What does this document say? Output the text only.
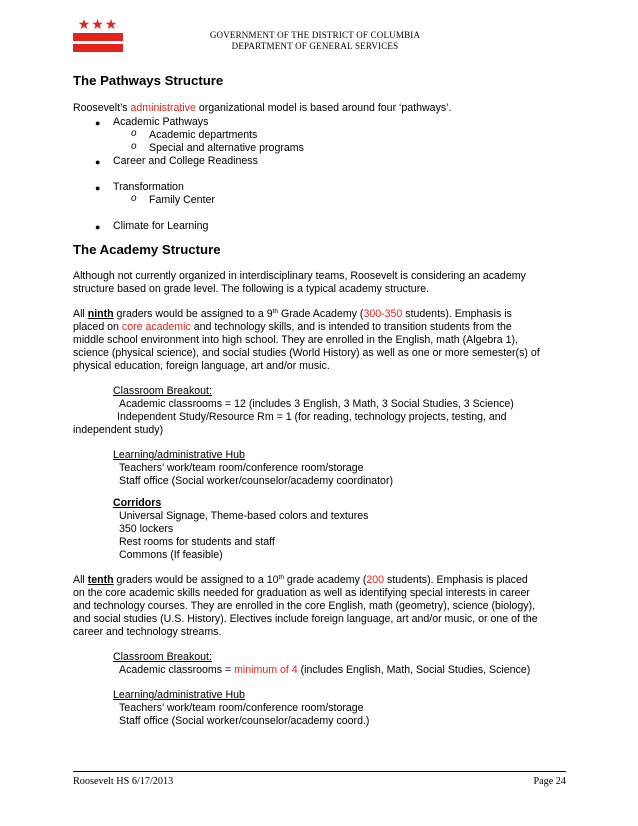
★★★
GOVERNMENT OF THE DISTRICT OF COLUMBIA
DEPARTMENT OF GENERAL SERVICES
The Pathways Structure
Roosevelt’s administrative organizational model is based around four ‘pathways’.
● Academic Pathways
o Academic departments
o Special and alternative programs
● Career and College Readiness
● Transformation
o Family Center
● Climate for Learning
The Academy Structure
Although not currently organized in interdisciplinary teams, Roosevelt is considering an academy
structure based on grade level. The following is a typical academy structure.
All ninth graders would be assigned to a 9th Grade Academy (300-350 students). Emphasis is
placed on core academic and technology skills, and is intended to transition students from the
middle school environment into high school. They are enrolled in the English, math (Algebra 1),
science (physical science), and social studies (World History) as well as one or more semester(s) of
physical education, foreign language, art and/or music.
Classroom Breakout:
Academic classrooms = 12 (includes 3 English, 3 Math, 3 Social Studies, 3 Science)
Independent Study/Resource Rm = 1 (for reading, technology projects, testing, and
independent study)
Learning/administrative Hub
Teachers’ work/team room/conference room/storage
Staff office (Social worker/counselor/academy coordinator)
Corridors
Universal Signage, Theme-based colors and textures
350 lockers
Rest rooms for students and staff
Commons (If feasible)
All tenth graders would be assigned to a 10th grade academy (200 students). Emphasis is placed
on the core academic skills needed for graduation as well as identifying special interests in career
and technology courses. They are enrolled in the core English, math (geometry), science (biology),
and social studies (U.S. History). Electives include foreign language, art and/or music, or one of the
career and technology streams.
Classroom Breakout:
Academic classrooms = minimum of 4 (includes English, Math, Social Studies, Science)
Learning/administrative Hub
Teachers’ work/team room/conference room/storage
Staff office (Social worker/counselor/academy coord.)
Roosevelt HS 6/17/2013	Page 24
